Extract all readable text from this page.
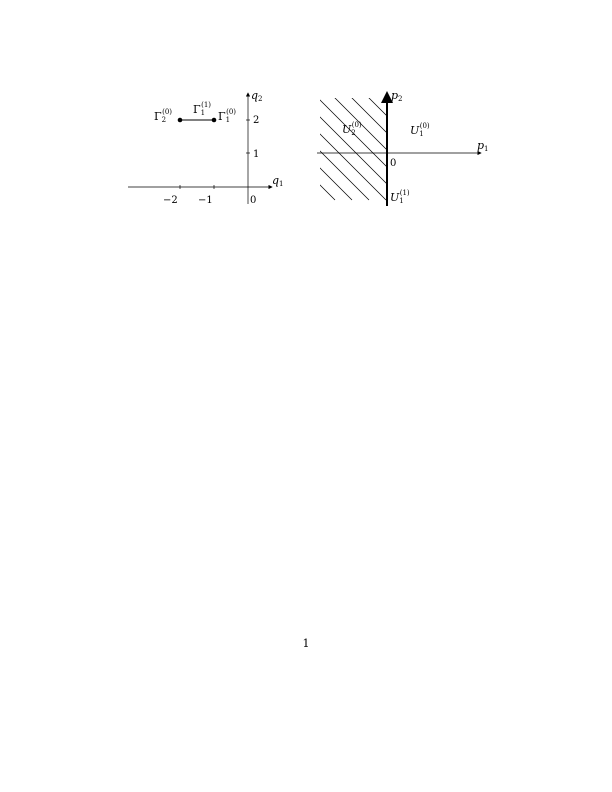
−2 −1
2
1
0
q1
q2
Γ2(0) Γ1(1)
Γ1(0)
0
p1
p2
U2(0)	U1(0)
U1(1)
1
